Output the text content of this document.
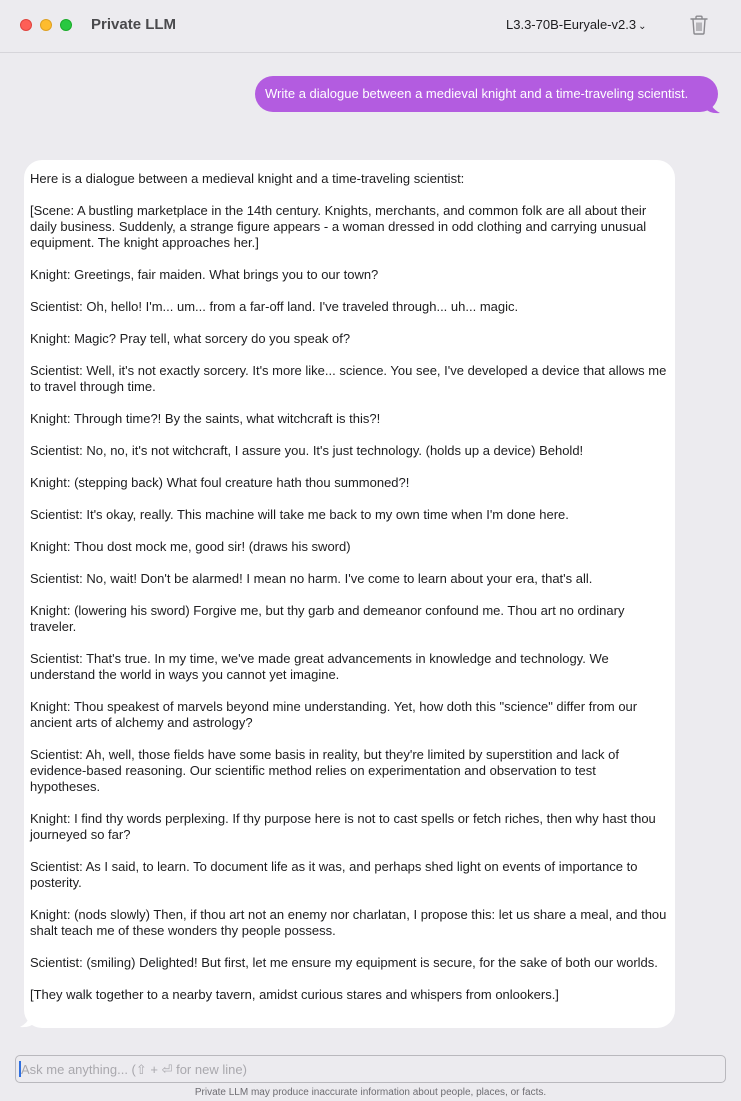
Private LLM	L3.3-70B-Euryale-v2.3 ⌄
Write a dialogue between a medieval knight and a time-traveling scientist.

Here is a dialogue between a medieval knight and a time-traveling scientist:

[Scene: A bustling marketplace in the 14th century. Knights, merchants, and common folk are all about their daily business. Suddenly, a strange figure appears - a woman dressed in odd clothing and carrying unusual equipment. The knight approaches her.]

Knight: Greetings, fair maiden. What brings you to our town?

Scientist: Oh, hello! I'm... um... from a far-off land. I've traveled through... uh... magic.

Knight: Magic? Pray tell, what sorcery do you speak of?

Scientist: Well, it's not exactly sorcery. It's more like... science. You see, I've developed a device that allows me to travel through time.

Knight: Through time?! By the saints, what witchcraft is this?!

Scientist: No, no, it's not witchcraft, I assure you. It's just technology. (holds up a device) Behold!

Knight: (stepping back) What foul creature hath thou summoned?!

Scientist: It's okay, really. This machine will take me back to my own time when I'm done here.

Knight: Thou dost mock me, good sir! (draws his sword)

Scientist: No, wait! Don't be alarmed! I mean no harm. I've come to learn about your era, that's all.

Knight: (lowering his sword) Forgive me, but thy garb and demeanor confound me. Thou art no ordinary traveler.

Scientist: That's true. In my time, we've made great advancements in knowledge and technology. We understand the world in ways you cannot yet imagine.

Knight: Thou speakest of marvels beyond mine understanding. Yet, how doth this "science" differ from our ancient arts of alchemy and astrology?

Scientist: Ah, well, those fields have some basis in reality, but they're limited by superstition and lack of evidence-based reasoning. Our scientific method relies on experimentation and observation to test hypotheses.

Knight: I find thy words perplexing. If thy purpose here is not to cast spells or fetch riches, then why hast thou journeyed so far?

Scientist: As I said, to learn. To document life as it was, and perhaps shed light on events of importance to posterity.

Knight: (nods slowly) Then, if thou art not an enemy nor charlatan, I propose this: let us share a meal, and thou shalt teach me of these wonders thy people possess.

Scientist: (smiling) Delighted! But first, let me ensure my equipment is secure, for the sake of both our worlds.

[They walk together to a nearby tavern, amidst curious stares and whispers from onlookers.]

Ask me anything... (⇧ + ⏎ for new line)
Private LLM may produce inaccurate information about people, places, or facts.
